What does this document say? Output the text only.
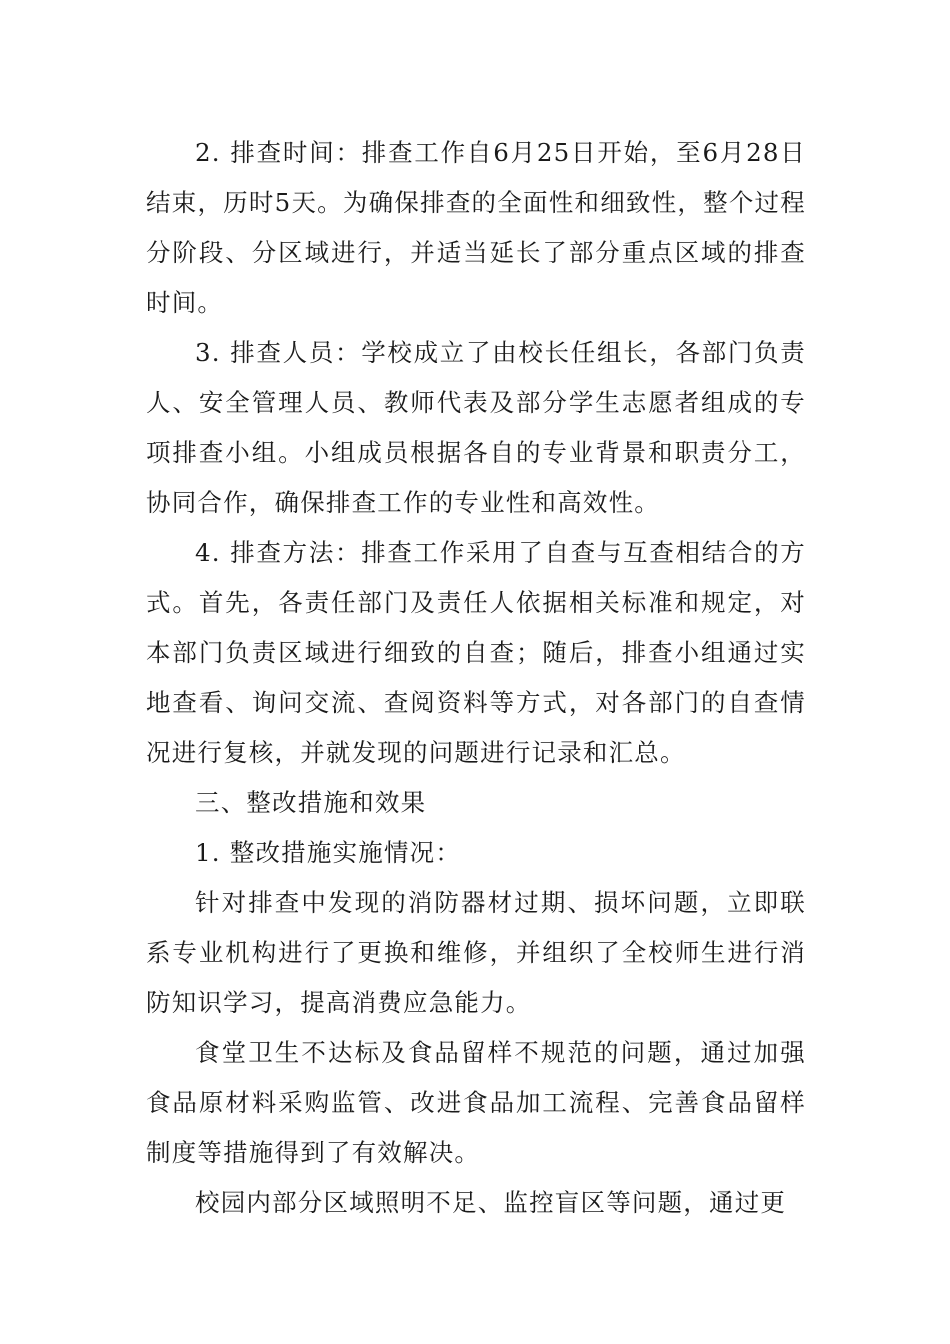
2. 排查时间：排查工作自6月25日开始，至6月28日结束，历时5天。为确保排查的全面性和细致性，整个过程分阶段、分区域进行，并适当延长了部分重点区域的排查时间。

3. 排查人员：学校成立了由校长任组长，各部门负责人、安全管理人员、教师代表及部分学生志愿者组成的专项排查小组。小组成员根据各自的专业背景和职责分工，协同合作，确保排查工作的专业性和高效性。

4. 排查方法：排查工作采用了自查与互查相结合的方式。首先，各责任部门及责任人依据相关标准和规定，对本部门负责区域进行细致的自查；随后，排查小组通过实地查看、询问交流、查阅资料等方式，对各部门的自查情况进行复核，并就发现的问题进行记录和汇总。

三、整改措施和效果

1. 整改措施实施情况：

针对排查中发现的消防器材过期、损坏问题，立即联系专业机构进行了更换和维修，并组织了全校师生进行消防知识学习，提高消费应急能力。

食堂卫生不达标及食品留样不规范的问题，通过加强食品原材料采购监管、改进食品加工流程、完善食品留样制度等措施得到了有效解决。

校园内部分区域照明不足、监控盲区等问题，通过更
